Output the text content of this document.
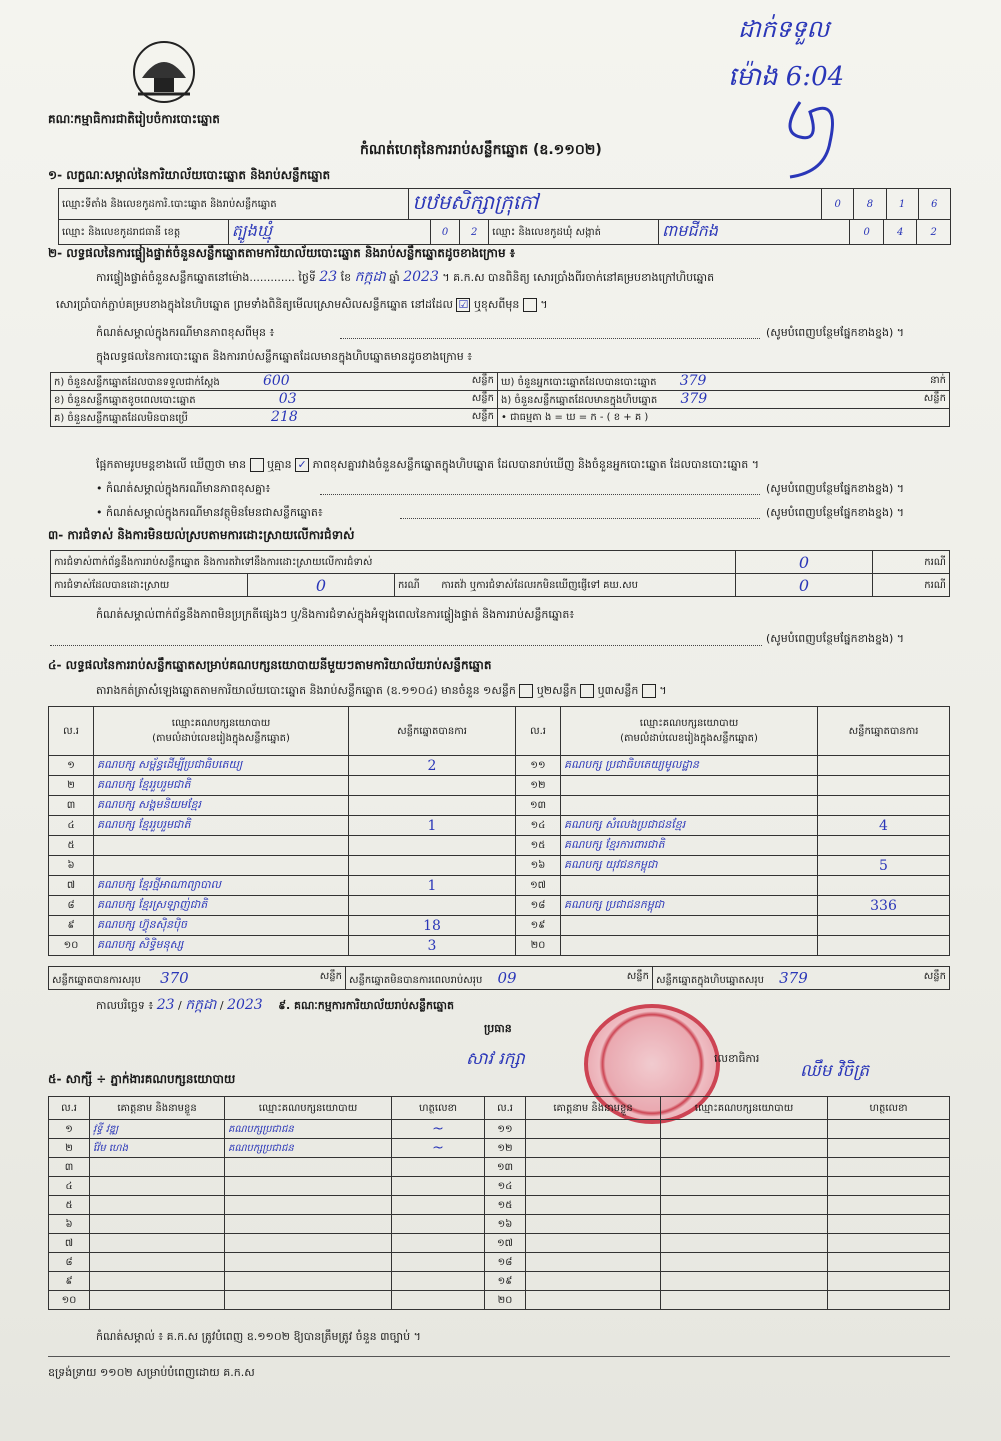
គណៈកម្មាធិការជាតិរៀបចំការបោះឆ្នោត
ដាក់ទទួល
ម៉ោង 6:04
កំណត់ហេតុនៃការរាប់សន្លឹកឆ្នោត (ឧ.១១០២)
១- លក្ខណៈសម្គាល់នៃការិយាល័យបោះឆ្នោត និងរាប់សន្លឹកឆ្នោត
ឈ្មោះទីតាំង និងលេខកូដការិ.បោះឆ្នោត និងរាប់សន្លឹកឆ្នោត	បឋមសិក្សាក្រុកៅ	0	8	1	6
ឈ្មោះ និងលេខកូដរាជធានី ខេត្ត	ត្បូងឃ្មុំ	0	2	ឈ្មោះ និងលេខកូដឃុំ សង្កាត់	ពាមជីកង	0	4	2
២- លទ្ធផលនៃការផ្ទៀងផ្ទាត់ចំនួនសន្លឹកឆ្នោតតាមការិយាល័យបោះឆ្នោត និងរាប់សន្លឹកឆ្នោតដូចខាងក្រោម ៖
ការផ្ទៀងផ្ទាត់ចំនួនសន្លឹកឆ្នោតនៅម៉ោង............. ថ្ងៃទី 23 ខែ កក្កដា ឆ្នាំ 2023 ។ គ.ក.ស បានពិនិត្យ សោរប្រាំងពីរចាក់នៅគម្របខាងក្រៅហិបឆ្នោត
សោរប្រាំបាក់ភ្ជាប់គម្របខាងក្នុងនៃហិបឆ្នោត ព្រមទាំងពិនិត្យមើលស្រោមសិលសន្លឹកឆ្នោត នៅដដែល ☑ ឬខុសពីមុន  ។
កំណត់សម្គាល់ក្នុងករណីមានភាពខុសពីមុន ៖	(សូមបំពេញបន្ថែមផ្នែកខាងខ្នង) ។
ក្នុងលទ្ធផលនៃការបោះឆ្នោត និងការរាប់សន្លឹកឆ្នោតដែលមានក្នុងហិបឆ្នោតមានដូចខាងក្រោម ៖
ក) ចំនួនសន្លឹកឆ្នោតដែលបានទទួលជាក់ស្តែង 600 សន្លឹក	ឃ) ចំនួនអ្នកបោះឆ្នោតដែលបានបោះឆ្នោត 379 នាក់

ខ) ចំនួនសន្លឹកឆ្នោតខូចពេលបោះឆ្នោត 03 សន្លឹក	ង) ចំនួនសន្លឹកឆ្នោតដែលមានក្នុងហិបឆ្នោត 379 សន្លឹក

គ) ចំនួនសន្លឹកឆ្នោតដែលមិនបានប្រើ 218 សន្លឹក	• ជាធម្មតា ង = ឃ = ក - ( ខ + គ )
ផ្អែកតាមរូបមន្តខាងលើ ឃើញថា មាន ឬគ្មាន ✓ ភាពខុសគ្នារវាងចំនួនសន្លឹកឆ្នោតក្នុងហិបឆ្នោត ដែលបានរាប់ឃើញ និងចំនួនអ្នកបោះឆ្នោត ដែលបានបោះឆ្នោត ។
• កំណត់សម្គាល់ក្នុងករណីមានភាពខុសគ្នា៖	(សូមបំពេញបន្ថែមផ្នែកខាងខ្នង) ។
• កំណត់សម្គាល់ក្នុងករណីមានវត្ថុមិនមែនជាសន្លឹកឆ្នោត៖	(សូមបំពេញបន្ថែមផ្នែកខាងខ្នង) ។
៣- ការជំទាស់ និងការមិនយល់ស្របតាមការដោះស្រាយលើការជំទាស់
ការជំទាស់ពាក់ព័ន្ធនឹងការរាប់សន្លឹកឆ្នោត និងការតវ៉ាទៅនឹងការដោះស្រាយលើការជំទាស់			0	ករណី
ការជំទាស់ដែលបានដោះស្រាយ	0	ករណី ការតវ៉ា ឬការជំទាស់ដែលរកមិនឃើញផ្ញើទៅ គឃ.សប	0	ករណី
កំណត់សម្គាល់ពាក់ព័ន្ធនឹងភាពមិនប្រក្រតីផ្សេងៗ ឬ/និងការជំទាស់ក្នុងអំឡុងពេលនៃការផ្ទៀងផ្ទាត់ និងការរាប់សន្លឹកឆ្នោត៖
(សូមបំពេញបន្ថែមផ្នែកខាងខ្នង) ។
៤- លទ្ធផលនៃការរាប់សន្លឹកឆ្នោតសម្រាប់គណបក្សនយោបាយនីមួយៗតាមការិយាល័យរាប់សន្លឹកឆ្នោត
តារាងកត់ត្រាសំឡេងឆ្នោតតាមការិយាល័យបោះឆ្នោត និងរាប់សន្លឹកឆ្នោត (ឧ.១១០៤) មានចំនួន ១សន្លឹក ឬ២សន្លឹក ឬ៣សន្លឹក  ។
ល.រ	ឈ្មោះគណបក្សនយោបាយ
(តាមលំដាប់លេខរៀងក្នុងសន្លឹកឆ្នោត)	សន្លឹកឆ្នោតបានការ	ល.រ	ឈ្មោះគណបក្សនយោបាយ
(តាមលំដាប់លេខរៀងក្នុងសន្លឹកឆ្នោត)	សន្លឹកឆ្នោតបានការ
១	គណបក្ស សម្ព័ន្ធដើម្បីប្រជាធិបតេយ្យ	2	១១	គណបក្ស ប្រជាធិបតេយ្យមូលដ្ឋាន	
២	គណបក្ស ខ្មែររួបរួមជាតិ		១២		
៣	គណបក្ស សង្គមនិយមខ្មែរ		១៣		
៤	គណបក្ស ខ្មែររួបរួមជាតិ	1	១៤	គណបក្ស សំលេងប្រជាជនខ្មែរ	4
៥			១៥	គណបក្ស ខ្មែរការពារជាតិ	
៦			១៦	គណបក្ស យុវជនកម្ពុជា	5
៧	គណបក្ស ខ្មែរថ្មីអាណាព្យាបាល	1	១៧		
៨	គណបក្ស ខ្មែរស្រឡាញ់ជាតិ		១៨	គណបក្ស ប្រជាជនកម្ពុជា	336
៩	គណបក្ស ហ៊្វុនស៊ិនប៉ិច	18	១៩		
១០	គណបក្ស សិទ្ធិមនុស្ស	3	២០		
សន្លឹកឆ្នោតបានការសរុប 370	សន្លឹក	សន្លឹកឆ្នោតមិនបានការពេលរាប់សរុប 09	សន្លឹក	សន្លឹកឆ្នោតក្នុងហិបឆ្នោតសរុប 379	សន្លឹក
កាលបរិច្ឆេទ ៖ 23 / កក្កដា / 2023 ៩. គណៈកម្មការការិយាល័យរាប់សន្លឹកឆ្នោត
ប្រធាន
សាវ រក្សា	លេខាធិការ
ឈឹម វិចិត្រ
៥- សាក្សី ÷ ភ្នាក់ងារគណបក្សនយោបាយ
ល.រ	គោត្តនាម និងនាមខ្លួន	ឈ្មោះគណបក្សនយោបាយ	ហត្ថលេខា	ល.រ	គោត្តនាម និងនាមខ្លួន	ឈ្មោះគណបក្សនយោបាយ	ហត្ថលេខា
១	វុទ្ធី វឌ្ឍ	គណបក្សប្រជាជន	~	១១			
២	វ៉ែម ហេង	គណបក្សប្រជាជន	~	១២			
៣				១៣			
៤				១៤			
៥				១៥			
៦				១៦			
៧				១៧			
៨				១៨			
៩				១៩			
១០				២០			
កំណត់សម្គាល់ ៖ គ.ក.ស ត្រូវបំពេញ ឧ.១១០២ ឱ្យបានត្រឹមត្រូវ ចំនួន ៣ច្បាប់ ។
ឧទ្រង់ទ្រាយ ១១០២ សម្រាប់បំពេញដោយ គ.ក.ស
